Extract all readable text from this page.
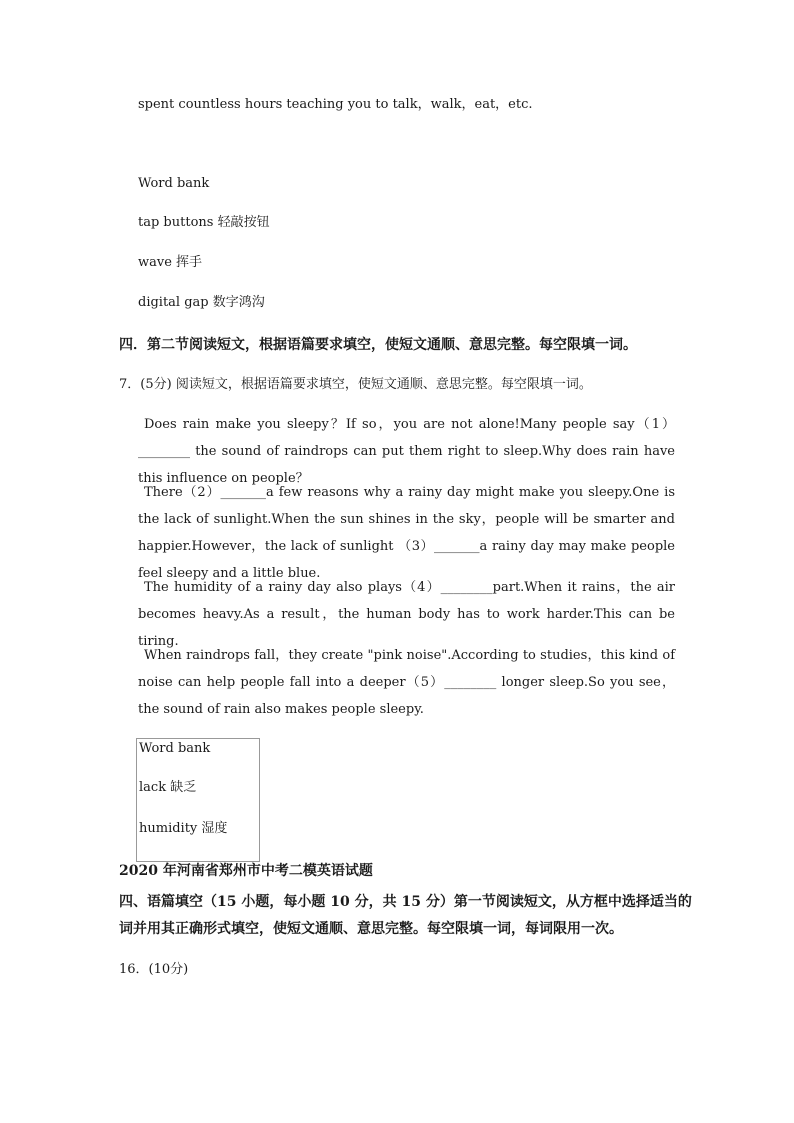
spent countless hours teaching you to talk，walk，eat，etc.
Word bank
tap buttons 轻敲按钮
wave 挥手
digital gap 数字鸿沟
四．第二节阅读短文，根据语篇要求填空，使短文通顺、意思完整。每空限填一词。
7．(5分) 阅读短文，根据语篇要求填空，使短文通顺、意思完整。每空限填一词。
Does rain make you sleepy？If so，you are not alone!Many people say（1）________ the sound of raindrops can put them right to sleep.Why does rain have this influence on people？
There（2）_______a few reasons why a rainy day might make you sleepy.One is the lack of sunlight.When the sun shines in the sky，people will be smarter and happier.However，the lack of sunlight （3）_______a rainy day may make people feel sleepy and a little blue.
The humidity of a rainy day also plays（4）________part.When it rains，the air becomes heavy.As a result，the human body has to work harder.This can be tiring.
When raindrops fall，they create "pink noise".According to studies，this kind of noise can help people fall into a deeper（5）________ longer sleep.So you see，the sound of rain also makes people sleepy.
Word bank
lack 缺乏
humidity 湿度
2020 年河南省郑州市中考二模英语试题
四、语篇填空（15 小题，每小题 10 分，共 15 分）第一节阅读短文，从方框中选择适当的
词并用其正确形式填空，使短文通顺、意思完整。每空限填一词，每词限用一次。
16．(10分)
